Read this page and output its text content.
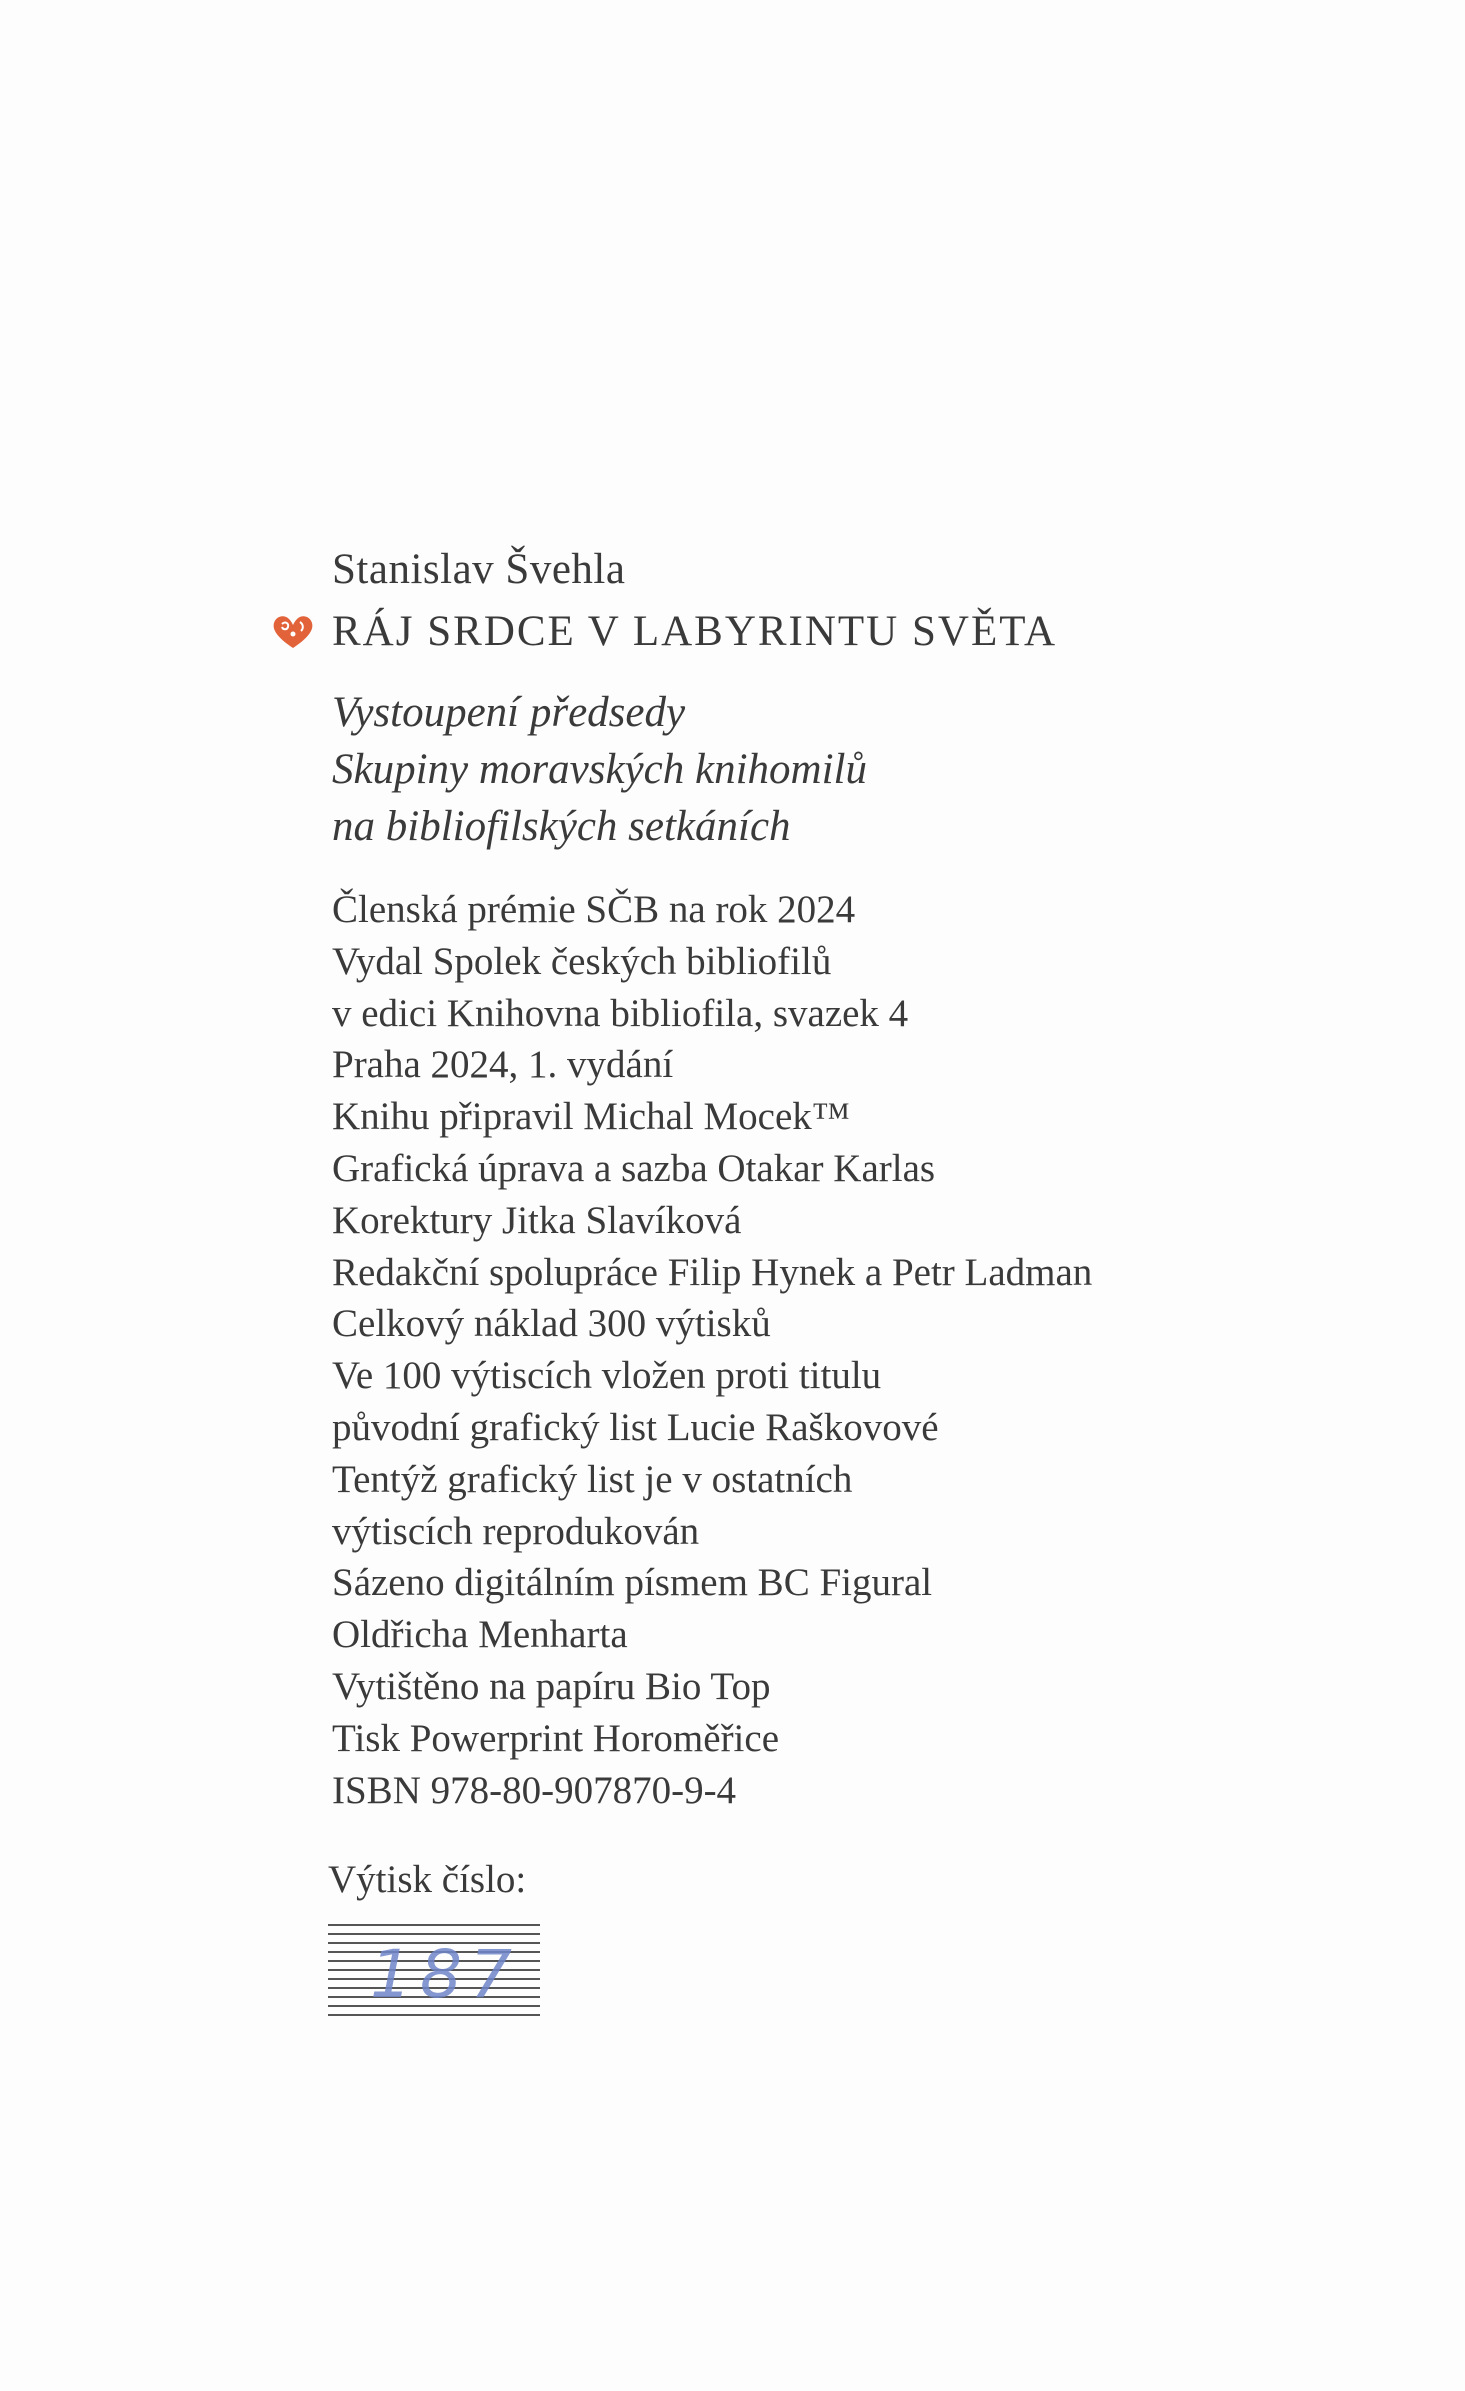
Stanislav Švehla
RÁJ SRDCE V LABYRINTU SVĚTA
Vystoupení předsedy
Skupiny moravských knihomilů
na bibliofilských setkáních
Členská prémie SČB na rok 2024
Vydal Spolek českých bibliofilů
v edici Knihovna bibliofila, svazek 4
Praha 2024, 1. vydání
Knihu připravil Michal Mocek™
Grafická úprava a sazba Otakar Karlas
Korektury Jitka Slavíková
Redakční spolupráce Filip Hynek a Petr Ladman
Celkový náklad 300 výtisků
Ve 100 výtiscích vložen proti titulu
původní grafický list Lucie Raškovové
Tentýž grafický list je v ostatních
výtiscích reprodukován
Sázeno digitálním písmem BC Figural
Oldřicha Menharta
Vytištěno na papíru Bio Top
Tisk Powerprint Horoměřice
ISBN 978-80-907870-9-4
Výtisk číslo:
187
